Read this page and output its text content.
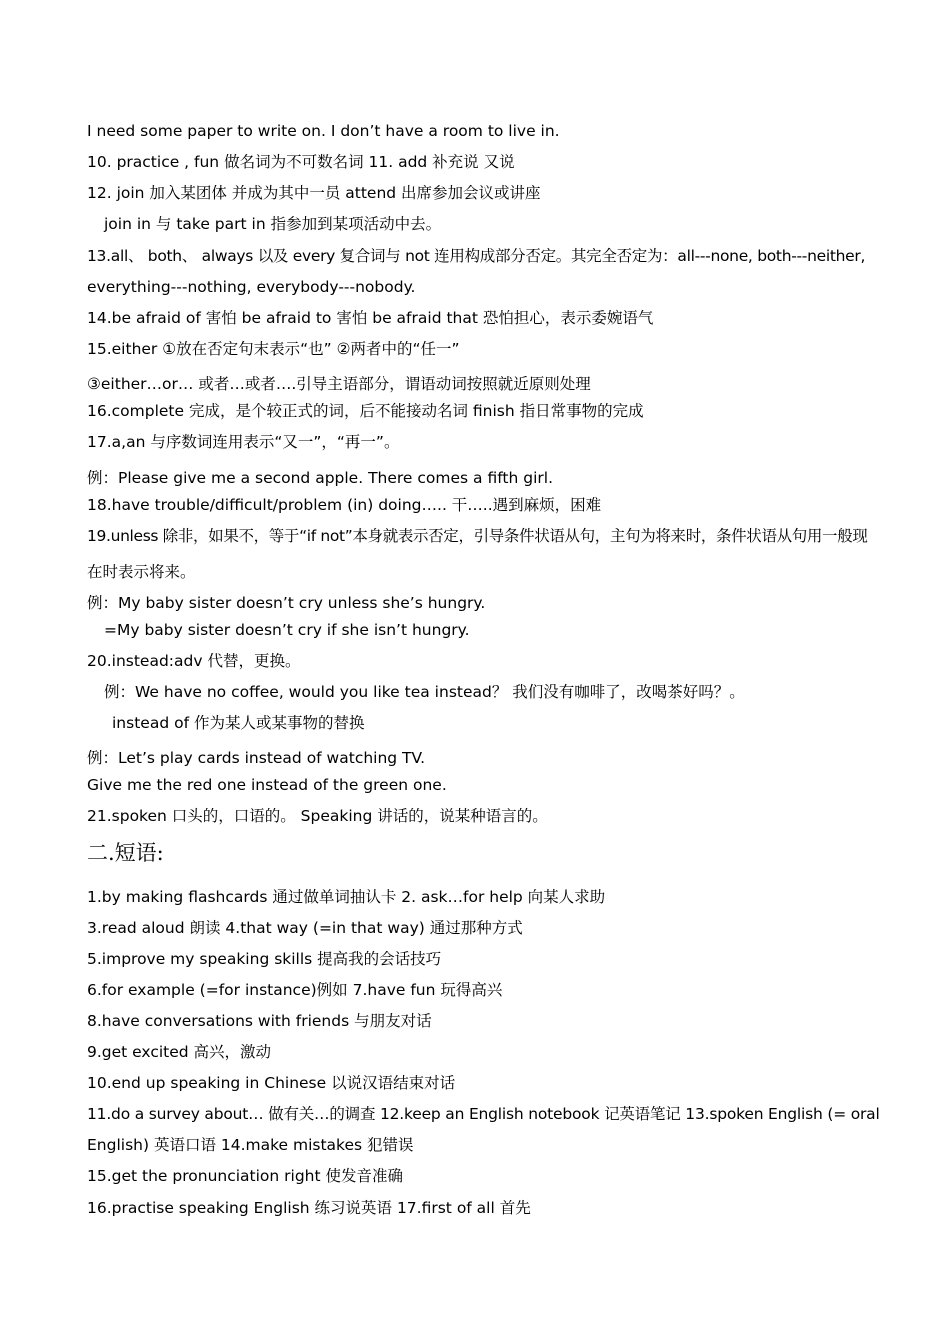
I need some paper to write on. I don’t have a room to live in.
10. practice , fun 做名词为不可数名词 11. add 补充说 又说
12. join 加入某团体 并成为其中一员 attend 出席参加会议或讲座
join in 与 take part in 指参加到某项活动中去。
13.all、 both、 always 以及 every 复合词与 not 连用构成部分否定。其完全否定为：all---none, both---neither,
everything---nothing, everybody---nobody.
14.be afraid of 害怕 be afraid to 害怕 be afraid that 恐怕担心，表示委婉语气
15.either ①放在否定句末表示“也” ②两者中的“任一”
③either…or… 或者…或者….引导主语部分，谓语动词按照就近原则处理
16.complete 完成，是个较正式的词，后不能接动名词 finish 指日常事物的完成
17.a,an 与序数词连用表示“又一”，“再一”。
例：Please give me a second apple. There comes a fifth girl.
18.have trouble/difficult/problem (in) doing….. 干…..遇到麻烦，困难
19.unless 除非，如果不，等于“if not”本身就表示否定，引导条件状语从句，主句为将来时，条件状语从句用一般现
在时表示将来。
例：My baby sister doesn’t cry unless she’s hungry.
=My baby sister doesn’t cry if she isn’t hungry.
20.instead:adv 代替，更换。
例：We have no coffee, would you like tea instead？ 我们没有咖啡了，改喝茶好吗？。
instead of 作为某人或某事物的替换
例：Let’s play cards instead of watching TV.
Give me the red one instead of the green one.
21.spoken 口头的，口语的。 Speaking 讲话的，说某种语言的。
二.短语:
1.by making flashcards 通过做单词抽认卡 2. ask…for help 向某人求助
3.read aloud 朗读 4.that way (=in that way) 通过那种方式
5.improve my speaking skills 提高我的会话技巧
6.for example (=for instance)例如 7.have fun 玩得高兴
8.have conversations with friends 与朋友对话
9.get excited 高兴，激动
10.end up speaking in Chinese 以说汉语结束对话
11.do a survey about… 做有关…的调查 12.keep an English notebook 记英语笔记 13.spoken English (= oral
English) 英语口语 14.make mistakes 犯错误
15.get the pronunciation right 使发音准确
16.practise speaking English 练习说英语 17.first of all 首先
